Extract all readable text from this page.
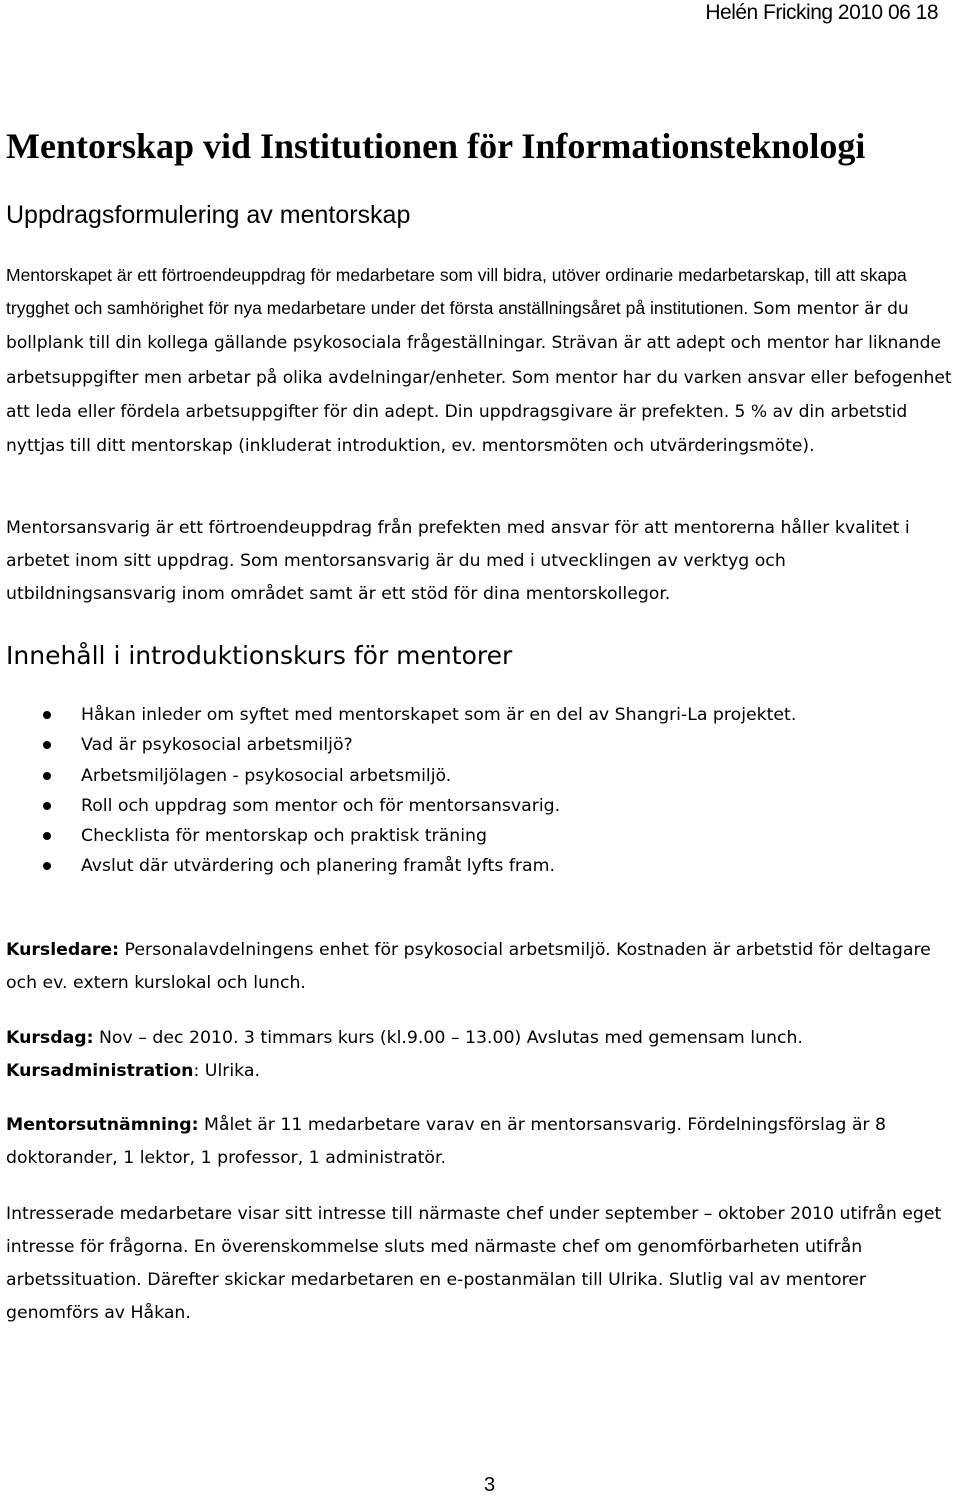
Helén Fricking 2010 06 18
Mentorskap vid Institutionen för Informationsteknologi
Uppdragsformulering av mentorskap

Mentorskapet är ett förtroendeuppdrag för medarbetare som vill bidra, utöver ordinarie medarbetarskap, till att skapa trygghet och samhörighet för nya medarbetare under det första anställningsåret på institutionen. Som mentor är du bollplank till din kollega gällande psykosociala frågeställningar. Strävan är att adept och mentor har liknande arbetsuppgifter men arbetar på olika avdelningar/enheter. Som mentor har du varken ansvar eller befogenhet att leda eller fördela arbetsuppgifter för din adept. Din uppdragsgivare är prefekten. 5 % av din arbetstid nyttjas till ditt mentorskap (inkluderat introduktion, ev. mentorsmöten och utvärderingsmöte).

Mentorsansvarig är ett förtroendeuppdrag från prefekten med ansvar för att mentorerna håller kvalitet i arbetet inom sitt uppdrag. Som mentorsansvarig är du med i utvecklingen av verktyg och utbildningsansvarig inom området samt är ett stöd för dina mentorskollegor.

Innehåll i introduktionskurs för mentorer
Håkan inleder om syftet med mentorskapet som är en del av Shangri-La projektet.
Vad är psykosocial arbetsmiljö?
Arbetsmiljölagen - psykosocial arbetsmiljö.
Roll och uppdrag som mentor och för mentorsansvarig.
Checklista för mentorskap och praktisk träning
Avslut där utvärdering och planering framåt lyfts fram.

Kursledare: Personalavdelningens enhet för psykosocial arbetsmiljö. Kostnaden är arbetstid för deltagare och ev. extern kurslokal och lunch.

Kursdag: Nov – dec 2010. 3 timmars kurs (kl.9.00 – 13.00) Avslutas med gemensam lunch.
Kursadministration: Ulrika.

Mentorsutnämning: Målet är 11 medarbetare varav en är mentorsansvarig. Fördelningsförslag är 8 doktorander, 1 lektor, 1 professor, 1 administratör.

Intresserade medarbetare visar sitt intresse till närmaste chef under september – oktober 2010 utifrån eget intresse för frågorna. En överenskommelse sluts med närmaste chef om genomförbarheten utifrån arbetssituation. Därefter skickar medarbetaren en e-postanmälan till Ulrika. Slutlig val av mentorer genomförs av Håkan.

3
